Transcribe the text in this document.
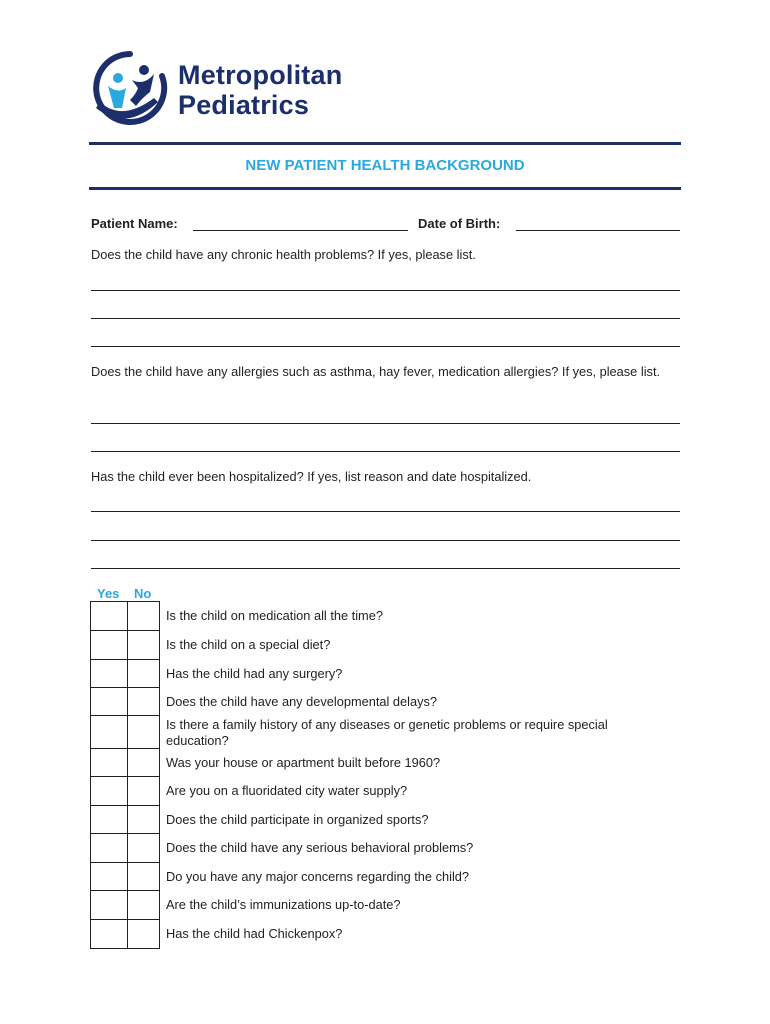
Metropolitan
Pediatrics
NEW PATIENT HEALTH BACKGROUND
Patient Name:	Date of Birth:
Does the child have any chronic health problems? If yes, please list.
Does the child have any allergies such as asthma, hay fever, medication allergies? If yes, please list.
Has the child ever been hospitalized? If yes, list reason and date hospitalized.
Yes No
Is the child on medication all the time?
Is the child on a special diet?
Has the child had any surgery?
Does the child have any developmental delays?
Is there a family history of any diseases or genetic problems or require special education?
Was your house or apartment built before 1960?
Are you on a fluoridated city water supply?
Does the child participate in organized sports?
Does the child have any serious behavioral problems?
Do you have any major concerns regarding the child?
Are the child’s immunizations up-to-date?
Has the child had Chickenpox?
